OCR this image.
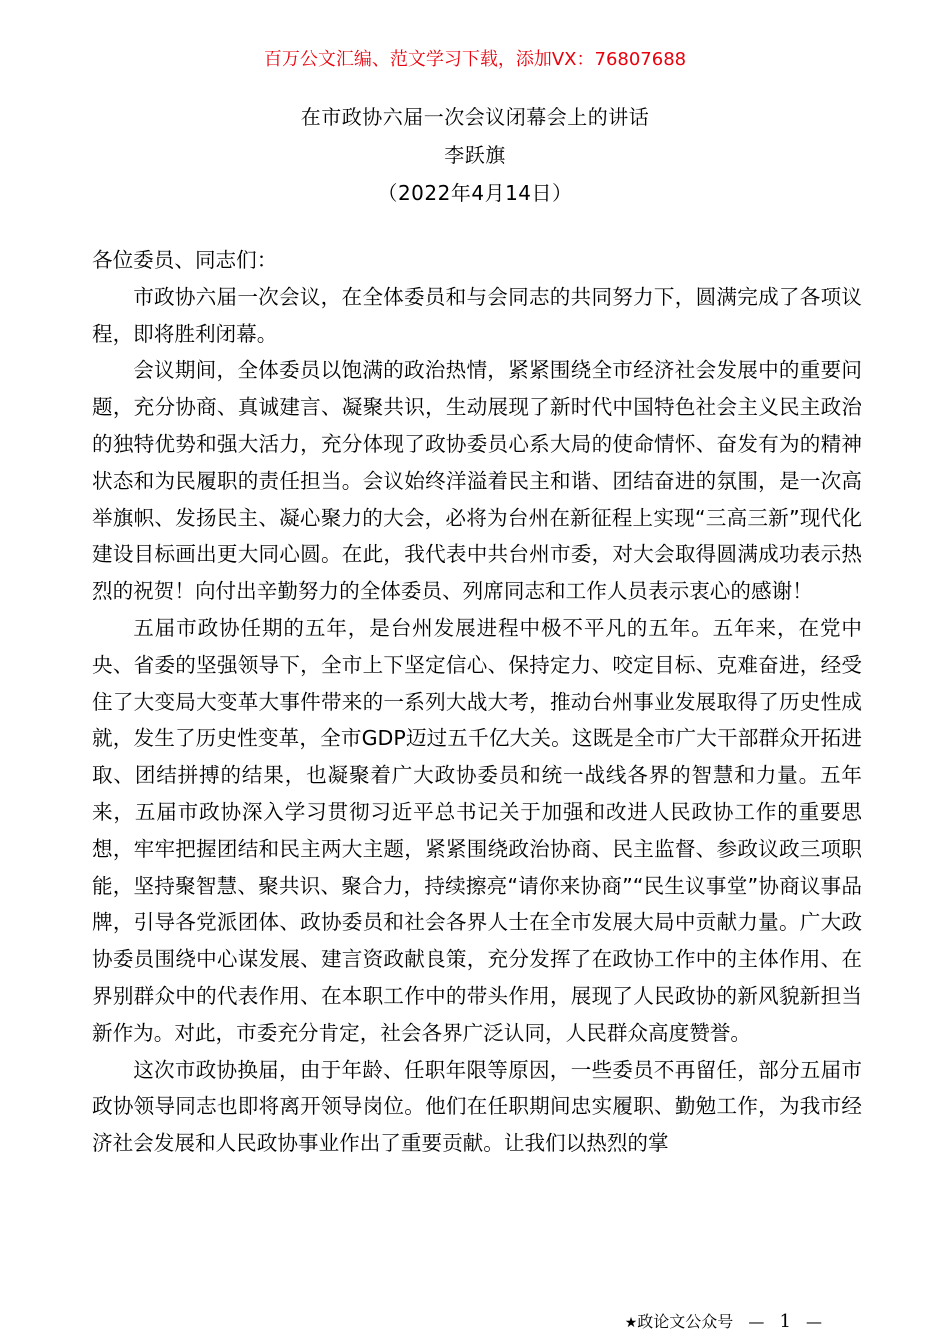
百万公文汇编、范文学习下载，添加VX：76807688
在市政协六届一次会议闭幕会上的讲话
李跃旗
（2022年4月14日）

各位委员、同志们：

市政协六届一次会议，在全体委员和与会同志的共同努力下，圆满完成了各项议程，即将胜利闭幕。

会议期间，全体委员以饱满的政治热情，紧紧围绕全市经济社会发展中的重要问题，充分协商、真诚建言、凝聚共识，生动展现了新时代中国特色社会主义民主政治的独特优势和强大活力，充分体现了政协委员心系大局的使命情怀、奋发有为的精神状态和为民履职的责任担当。会议始终洋溢着民主和谐、团结奋进的氛围，是一次高举旗帜、发扬民主、凝心聚力的大会，必将为台州在新征程上实现“三高三新”现代化建设目标画出更大同心圆。在此，我代表中共台州市委，对大会取得圆满成功表示热烈的祝贺！向付出辛勤努力的全体委员、列席同志和工作人员表示衷心的感谢！

五届市政协任期的五年，是台州发展进程中极不平凡的五年。五年来，在党中央、省委的坚强领导下，全市上下坚定信心、保持定力、咬定目标、克难奋进，经受住了大变局大变革大事件带来的一系列大战大考，推动台州事业发展取得了历史性成就，发生了历史性变革，全市GDP迈过五千亿大关。这既是全市广大干部群众开拓进取、团结拼搏的结果，也凝聚着广大政协委员和统一战线各界的智慧和力量。五年来，五届市政协深入学习贯彻习近平总书记关于加强和改进人民政协工作的重要思想，牢牢把握团结和民主两大主题，紧紧围绕政治协商、民主监督、参政议政三项职能，坚持聚智慧、聚共识、聚合力，持续擦亮“请你来协商”“民生议事堂”协商议事品牌，引导各党派团体、政协委员和社会各界人士在全市发展大局中贡献力量。广大政协委员围绕中心谋发展、建言资政献良策，充分发挥了在政协工作中的主体作用、在界别群众中的代表作用、在本职工作中的带头作用，展现了人民政协的新风貌新担当新作为。对此，市委充分肯定，社会各界广泛认同，人民群众高度赞誉。

这次市政协换届，由于年龄、任职年限等原因，一些委员不再留任，部分五届市政协领导同志也即将离开领导岗位。他们在任职期间忠实履职、勤勉工作，为我市经济社会发展和人民政协事业作出了重要贡献。让我们以热烈的掌

★政论文公众号 — 1 —
